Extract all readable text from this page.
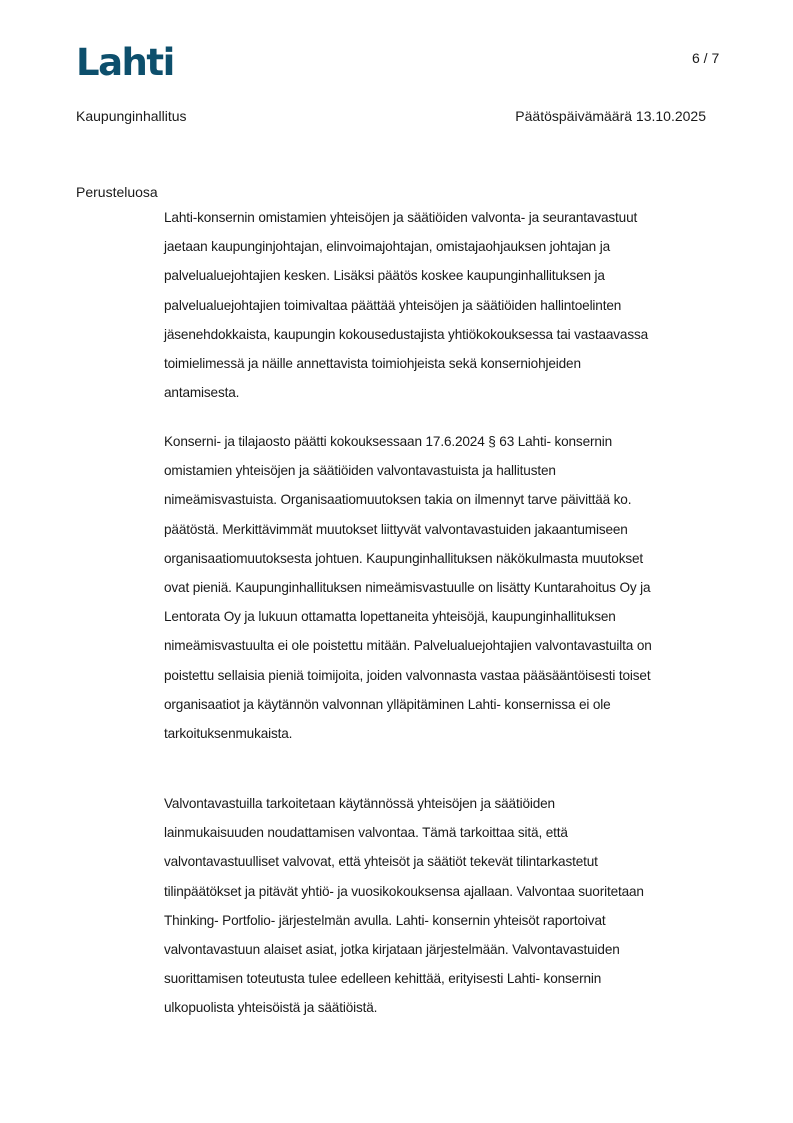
Lahti	6 / 7
Kaupunginhallitus	Päätöspäivämäärä 13.10.2025
Perusteluosa
Lahti-konsernin omistamien yhteisöjen ja säätiöiden valvonta- ja seurantavastuut
jaetaan kaupunginjohtajan, elinvoimajohtajan, omistajaohjauksen johtajan ja
palvelualuejohtajien kesken. Lisäksi päätös koskee kaupunginhallituksen ja
palvelualuejohtajien toimivaltaa päättää yhteisöjen ja säätiöiden hallintoelinten
jäsenehdokkaista, kaupungin kokousedustajista yhtiökokouksessa tai vastaavassa
toimielimessä ja näille annettavista toimiohjeista sekä konserniohjeiden
antamisesta.
Konserni- ja tilajaosto päätti kokouksessaan 17.6.2024 § 63 Lahti- konsernin
omistamien yhteisöjen ja säätiöiden valvontavastuista ja hallitusten
nimeämisvastuista. Organisaatiomuutoksen takia on ilmennyt tarve päivittää ko.
päätöstä. Merkittävimmät muutokset liittyvät valvontavastuiden jakaantumiseen
organisaatiomuutoksesta johtuen. Kaupunginhallituksen näkökulmasta muutokset
ovat pieniä. Kaupunginhallituksen nimeämisvastuulle on lisätty Kuntarahoitus Oy ja
Lentorata Oy ja lukuun ottamatta lopettaneita yhteisöjä, kaupunginhallituksen
nimeämisvastuulta ei ole poistettu mitään. Palvelualuejohtajien valvontavastuilta on
poistettu sellaisia pieniä toimijoita, joiden valvonnasta vastaa pääsääntöisesti toiset
organisaatiot ja käytännön valvonnan ylläpitäminen Lahti- konsernissa ei ole
tarkoituksenmukaista.
Valvontavastuilla tarkoitetaan käytännössä yhteisöjen ja säätiöiden
lainmukaisuuden noudattamisen valvontaa. Tämä tarkoittaa sitä, että
valvontavastuulliset valvovat, että yhteisöt ja säätiöt tekevät tilintarkastetut
tilinpäätökset ja pitävät yhtiö- ja vuosikokouksensa ajallaan. Valvontaa suoritetaan
Thinking- Portfolio- järjestelmän avulla. Lahti- konsernin yhteisöt raportoivat
valvontavastuun alaiset asiat, jotka kirjataan järjestelmään. Valvontavastuiden
suorittamisen toteutusta tulee edelleen kehittää, erityisesti Lahti- konsernin
ulkopuolista yhteisöistä ja säätiöistä.
